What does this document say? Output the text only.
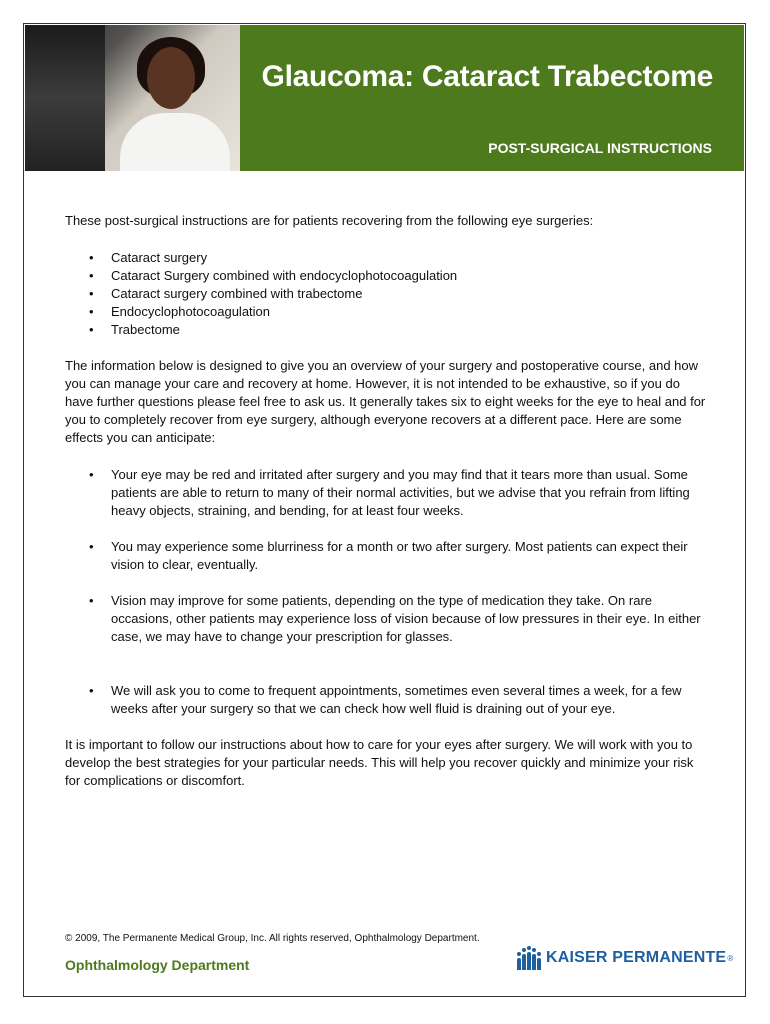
Glaucoma: Cataract Trabectome
POST-SURGICAL INSTRUCTIONS

These post-surgical instructions are for patients recovering from the following eye surgeries:

• Cataract surgery
• Cataract Surgery combined with endocyclophotocoagulation
• Cataract surgery combined with trabectome
• Endocyclophotocoagulation
• Trabectome

The information below is designed to give you an overview of your surgery and postoperative course, and how you can manage your care and recovery at home. However, it is not intended to be exhaustive, so if you do have further questions please feel free to ask us. It generally takes six to eight weeks for the eye to heal and for you to completely recover from eye surgery, although everyone recovers at a different pace. Here are some effects you can anticipate:

• Your eye may be red and irritated after surgery and you may find that it tears more than usual. Some patients are able to return to many of their normal activities, but we advise that you refrain from lifting heavy objects, straining, and bending, for at least four weeks.
• You may experience some blurriness for a month or two after surgery. Most patients can expect their vision to clear, eventually.
• Vision may improve for some patients, depending on the type of medication they take. On rare occasions, other patients may experience loss of vision because of low pressures in their eye. In either case, we may have to change your prescription for glasses.
• We will ask you to come to frequent appointments, sometimes even several times a week, for a few weeks after your surgery so that we can check how well fluid is draining out of your eye.

It is important to follow our instructions about how to care for your eyes after surgery. We will work with you to develop the best strategies for your particular needs. This will help you recover quickly and minimize your risk for complications or discomfort.

© 2009, The Permanente Medical Group, Inc. All rights reserved, Ophthalmology Department.
Ophthalmology Department	KAISER PERMANENTE ®
